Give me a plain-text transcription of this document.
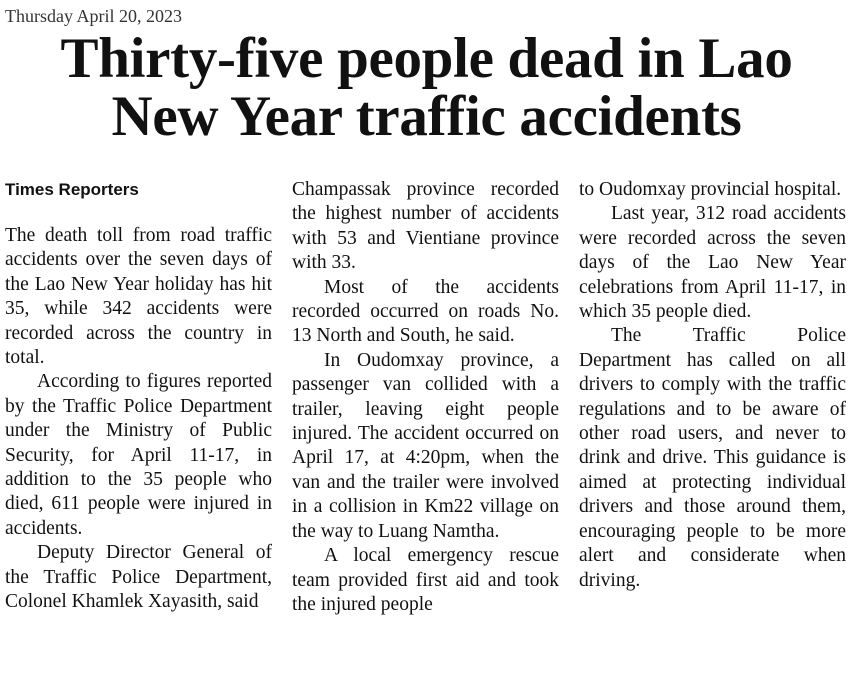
Thursday April 20, 2023
Thirty-five people dead in Lao
New Year traffic accidents
Times Reporters

The death toll from road traffic accidents over the seven days of the Lao New Year holiday has hit 35, while 342 accidents were recorded across the country in total.

According to figures reported by the Traffic Police Department under the Ministry of Public Security, for April 11-17, in addition to the 35 people who died, 611 people were injured in accidents.

Deputy Director General of the Traffic Police Department, Colonel Khamlek Xayasith, said

Champassak province recorded the highest number of accidents with 53 and Vientiane province with 33.

Most of the accidents recorded occurred on roads No. 13 North and South, he said.

In Oudomxay province, a passenger van collided with a trailer, leaving eight people injured. The accident occurred on April 17, at 4:20pm, when the van and the trailer were involved in a collision in Km22 village on the way to Luang Namtha.

A local emergency rescue team provided first aid and took the injured people

to Oudomxay provincial hospital.

Last year, 312 road accidents were recorded across the seven days of the Lao New Year celebrations from April 11-17, in which 35 people died.

The Traffic Police Department has called on all drivers to comply with the traffic regulations and to be aware of other road users, and never to drink and drive. This guidance is aimed at protecting individual drivers and those around them, encouraging people to be more alert and considerate when driving.
